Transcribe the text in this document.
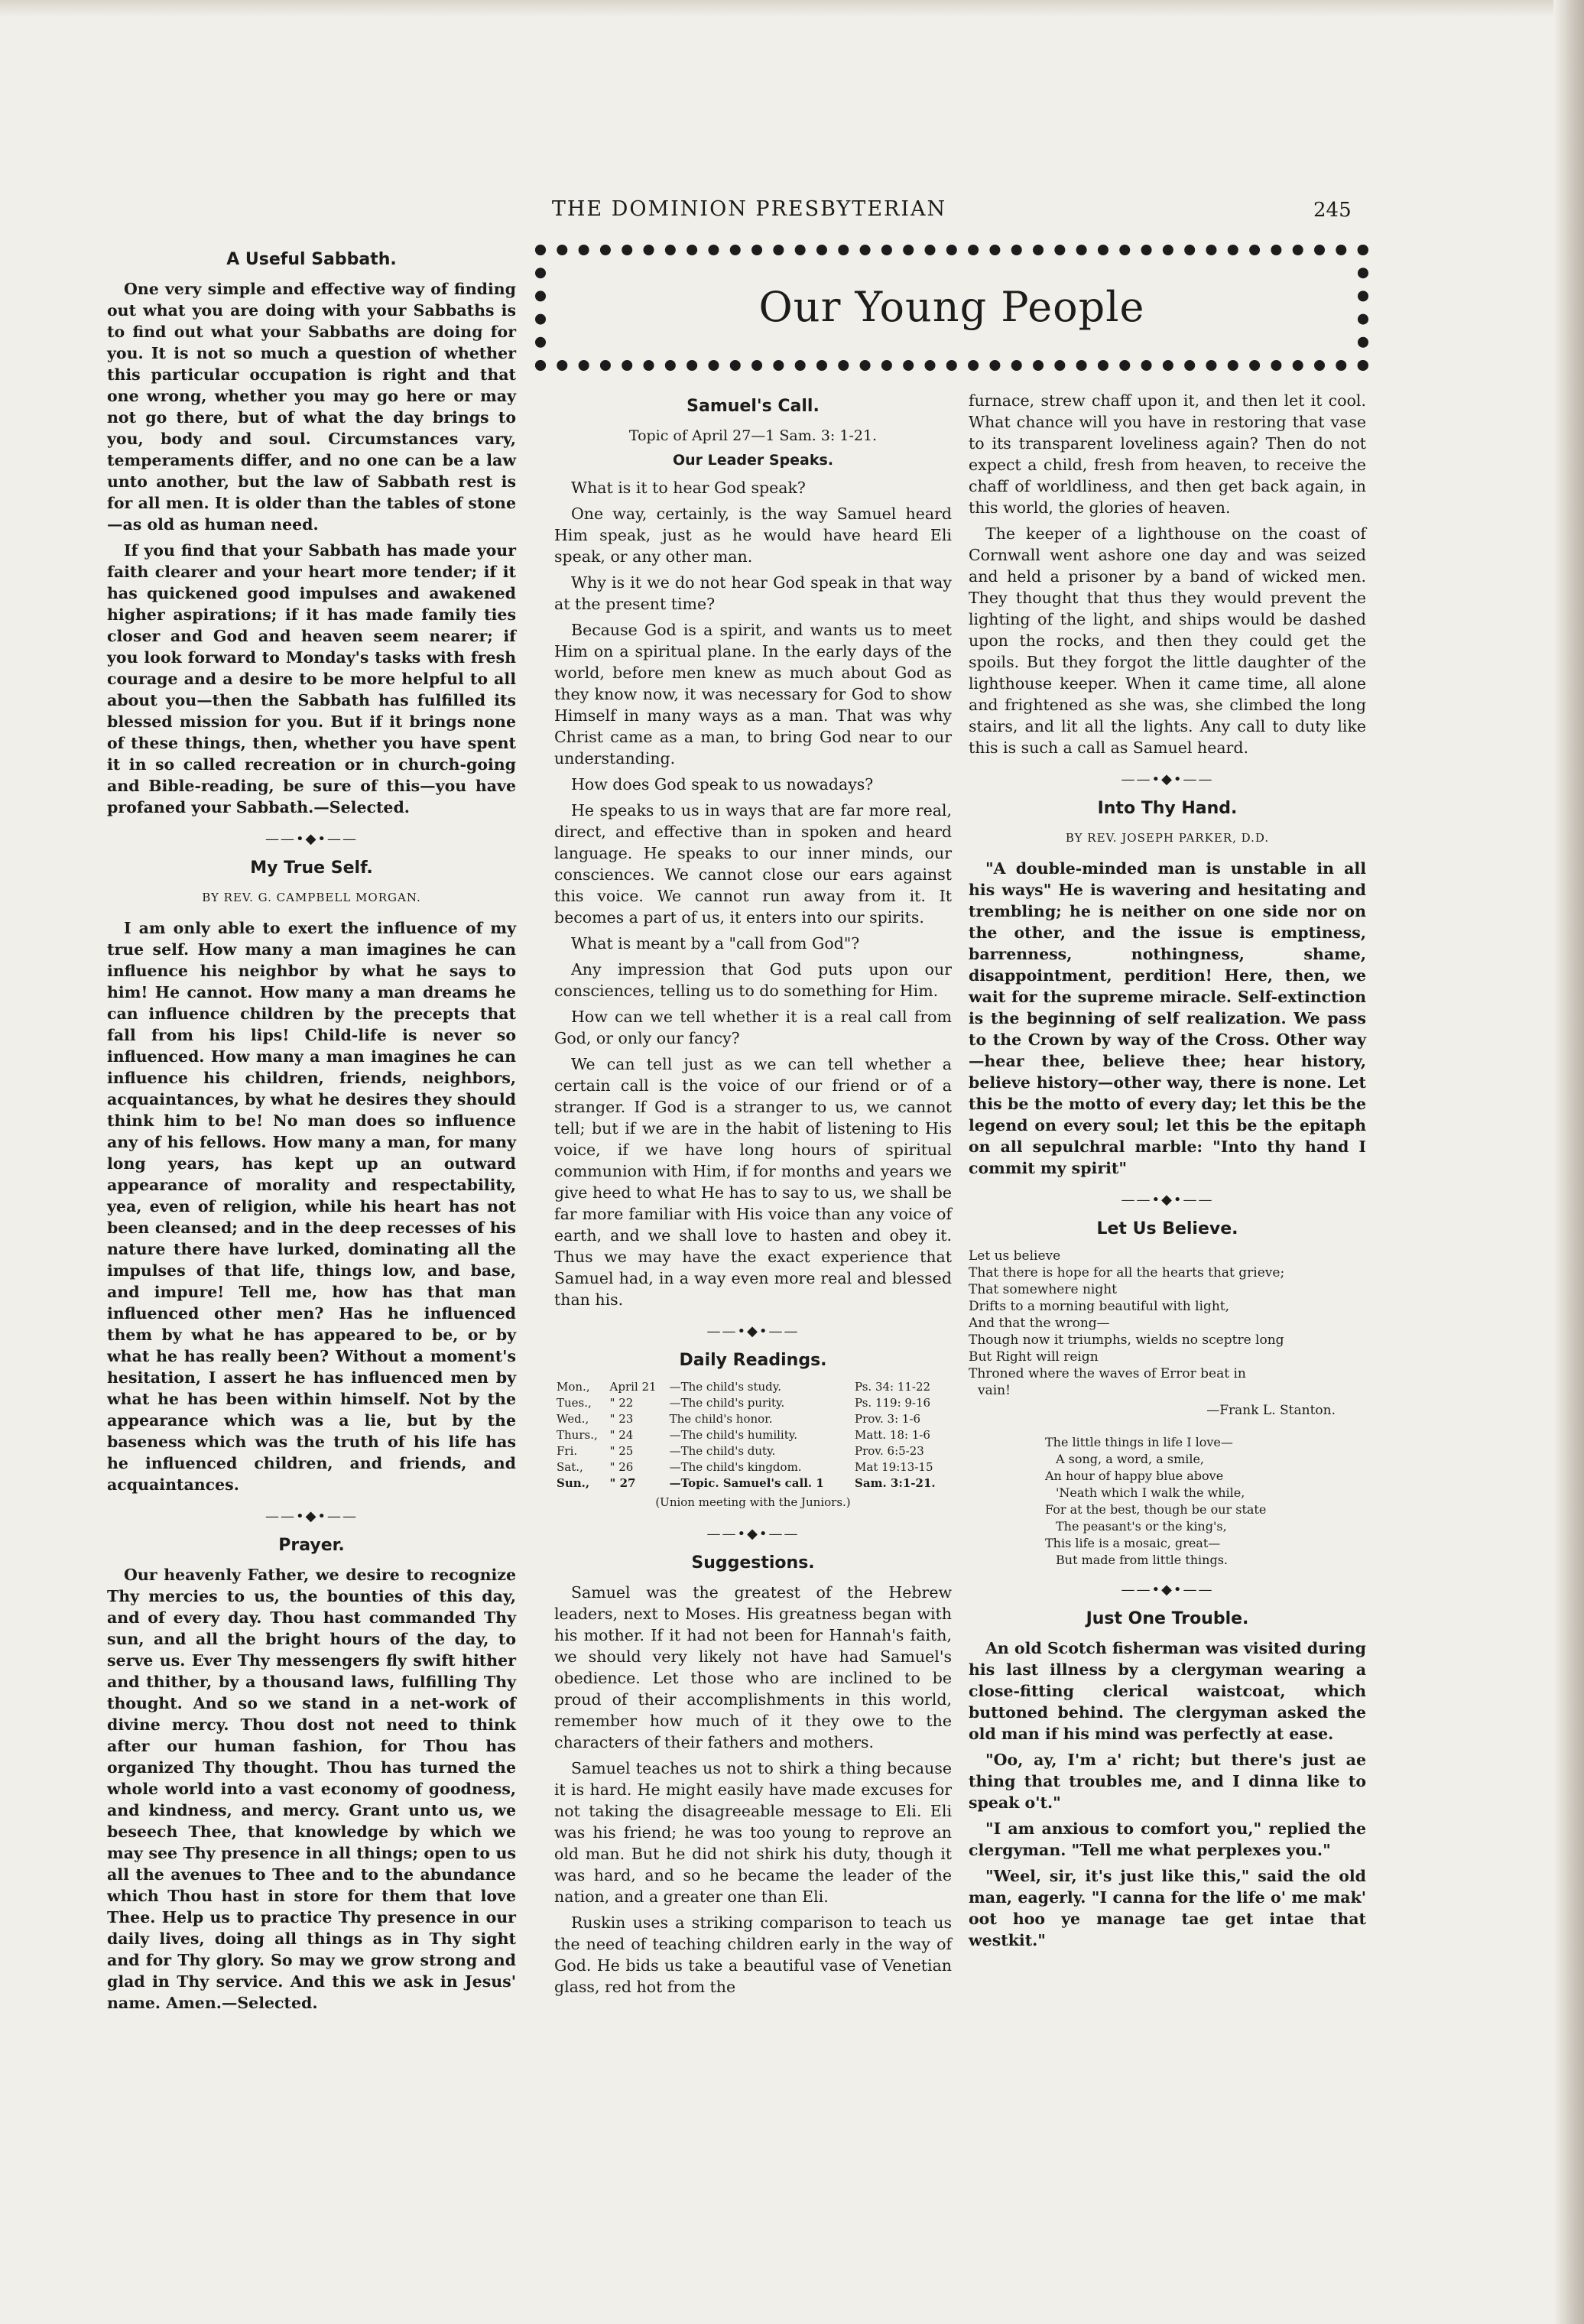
THE DOMINION PRESBYTERIAN	245
Our Young People
A Useful Sabbath.

One very simple and effective way of finding out what you are doing with your Sabbaths is to find out what your Sabbaths are doing for you. It is not so much a question of whether this particular occupation is right and that one wrong, whether you may go here or may not go there, but of what the day brings to you, body and soul. Circumstances vary, temperaments differ, and no one can be a law unto another, but the law of Sabbath rest is for all men. It is older than the tables of stone—as old as human need.

If you find that your Sabbath has made your faith clearer and your heart more tender; if it has quickened good impulses and awakened higher aspirations; if it has made family ties closer and God and heaven seem nearer; if you look forward to Monday's tasks with fresh courage and a desire to be more helpful to all about you—then the Sabbath has fulfilled its blessed mission for you. But if it brings none of these things, then, whether you have spent it in so called recreation or in church-going and Bible-reading, be sure of this—you have profaned your Sabbath.—Selected.

——•◆•——
My True Self.
BY REV. G. CAMPBELL MORGAN.

I am only able to exert the influence of my true self. How many a man imagines he can influence his neighbor by what he says to him! He cannot. How many a man dreams he can influence children by the precepts that fall from his lips! Child-life is never so influenced. How many a man imagines he can influence his children, friends, neighbors, acquaintances, by what he desires they should think him to be! No man does so influence any of his fellows. How many a man, for many long years, has kept up an outward appearance of morality and respectability, yea, even of religion, while his heart has not been cleansed; and in the deep recesses of his nature there have lurked, dominating all the impulses of that life, things low, and base, and impure! Tell me, how has that man influenced other men? Has he influenced them by what he has appeared to be, or by what he has really been? Without a moment's hesitation, I assert he has influenced men by what he has been within himself. Not by the appearance which was a lie, but by the baseness which was the truth of his life has he influenced children, and friends, and acquaintances.

——•◆•——
Prayer.

Our heavenly Father, we desire to recognize Thy mercies to us, the bounties of this day, and of every day. Thou hast commanded Thy sun, and all the bright hours of the day, to serve us. Ever Thy messengers fly swift hither and thither, by a thousand laws, fulfilling Thy thought. And so we stand in a net-work of divine mercy. Thou dost not need to think after our human fashion, for Thou has organized Thy thought. Thou has turned the whole world into a vast economy of goodness, and kindness, and mercy. Grant unto us, we beseech Thee, that knowledge by which we may see Thy presence in all things; open to us all the avenues to Thee and to the abundance which Thou hast in store for them that love Thee. Help us to practice Thy presence in our daily lives, doing all things as in Thy sight and for Thy glory. So may we grow strong and glad in Thy service. And this we ask in Jesus' name. Amen.—Selected.

Samuel's Call.
Topic of April 27—1 Sam. 3: 1-21.
Our Leader Speaks.

What is it to hear God speak?

One way, certainly, is the way Samuel heard Him speak, just as he would have heard Eli speak, or any other man.

Why is it we do not hear God speak in that way at the present time?

Because God is a spirit, and wants us to meet Him on a spiritual plane. In the early days of the world, before men knew as much about God as they know now, it was necessary for God to show Himself in many ways as a man. That was why Christ came as a man, to bring God near to our understanding.

How does God speak to us nowadays?

He speaks to us in ways that are far more real, direct, and effective than in spoken and heard language. He speaks to our inner minds, our consciences. We cannot close our ears against this voice. We cannot run away from it. It becomes a part of us, it enters into our spirits.

What is meant by a "call from God"?

Any impression that God puts upon our consciences, telling us to do something for Him.

How can we tell whether it is a real call from God, or only our fancy?

We can tell just as we can tell whether a certain call is the voice of our friend or of a stranger. If God is a stranger to us, we cannot tell; but if we are in the habit of listening to His voice, if we have long hours of spiritual communion with Him, if for months and years we give heed to what He has to say to us, we shall be far more familiar with His voice than any voice of earth, and we shall love to hasten and obey it. Thus we may have the exact experience that Samuel had, in a way even more real and blessed than his.

——•◆•——
Daily Readings.
Mon.,	April 21	—The child's study.	Ps. 34: 11-22
Tues.,	" 22	—The child's purity.	Ps. 119: 9-16
Wed.,	" 23	The child's honor.	Prov. 3: 1-6
Thurs.,	" 24	—The child's humility.	Matt. 18: 1-6
Fri.	" 25	—The child's duty.	Prov. 6:5-23
Sat.,	" 26	—The child's kingdom.	Mat 19:13-15
Sun.,	" 27	—Topic. Samuel's call. 1	Sam. 3:1-21.
(Union meeting with the Juniors.)
——•◆•——
Suggestions.

Samuel was the greatest of the Hebrew leaders, next to Moses. His greatness began with his mother. If it had not been for Hannah's faith, we should very likely not have had Samuel's obedience. Let those who are inclined to be proud of their accomplishments in this world, remember how much of it they owe to the characters of their fathers and mothers.

Samuel teaches us not to shirk a thing because it is hard. He might easily have made excuses for not taking the disagreeable message to Eli. Eli was his friend; he was too young to reprove an old man. But he did not shirk his duty, though it was hard, and so he became the leader of the nation, and a greater one than Eli.

Ruskin uses a striking comparison to teach us the need of teaching children early in the way of God. He bids us take a beautiful vase of Venetian glass, red hot from the

furnace, strew chaff upon it, and then let it cool. What chance will you have in restoring that vase to its transparent loveliness again? Then do not expect a child, fresh from heaven, to receive the chaff of worldliness, and then get back again, in this world, the glories of heaven.

The keeper of a lighthouse on the coast of Cornwall went ashore one day and was seized and held a prisoner by a band of wicked men. They thought that thus they would prevent the lighting of the light, and ships would be dashed upon the rocks, and then they could get the spoils. But they forgot the little daughter of the lighthouse keeper. When it came time, all alone and frightened as she was, she climbed the long stairs, and lit all the lights. Any call to duty like this is such a call as Samuel heard.

——•◆•——
Into Thy Hand.
BY REV. JOSEPH PARKER, D.D.

"A double-minded man is unstable in all his ways" He is wavering and hesitating and trembling; he is neither on one side nor on the other, and the issue is emptiness, barrenness, nothingness, shame, disappointment, perdition! Here, then, we wait for the supreme miracle. Self-extinction is the beginning of self realization. We pass to the Crown by way of the Cross. Other way—hear thee, believe thee; hear history, believe history—other way, there is none. Let this be the motto of every day; let this be the legend on every soul; let this be the epitaph on all sepulchral marble: "Into thy hand I commit my spirit"

——•◆•——
Let Us Believe.
Let us believe
That there is hope for all the hearts that grieve;
That somewhere night
Drifts to a morning beautiful with light,
And that the wrong—
Though now it triumphs, wields no sceptre long
But Right will reign
Throned where the waves of Error beat in
vain!
—Frank L. Stanton.
The little things in life I love—
A song, a word, a smile,
An hour of happy blue above
'Neath which I walk the while,
For at the best, though be our state
The peasant's or the king's,
This life is a mosaic, great—
But made from little things.
——•◆•——
Just One Trouble.

An old Scotch fisherman was visited during his last illness by a clergyman wearing a close-fitting clerical waistcoat, which buttoned behind. The clergyman asked the old man if his mind was perfectly at ease.

"Oo, ay, I'm a' richt; but there's just ae thing that troubles me, and I dinna like to speak o't."

"I am anxious to comfort you," replied the clergyman. "Tell me what perplexes you."

"Weel, sir, it's just like this," said the old man, eagerly. "I canna for the life o' me mak' oot hoo ye manage tae get intae that westkit."
